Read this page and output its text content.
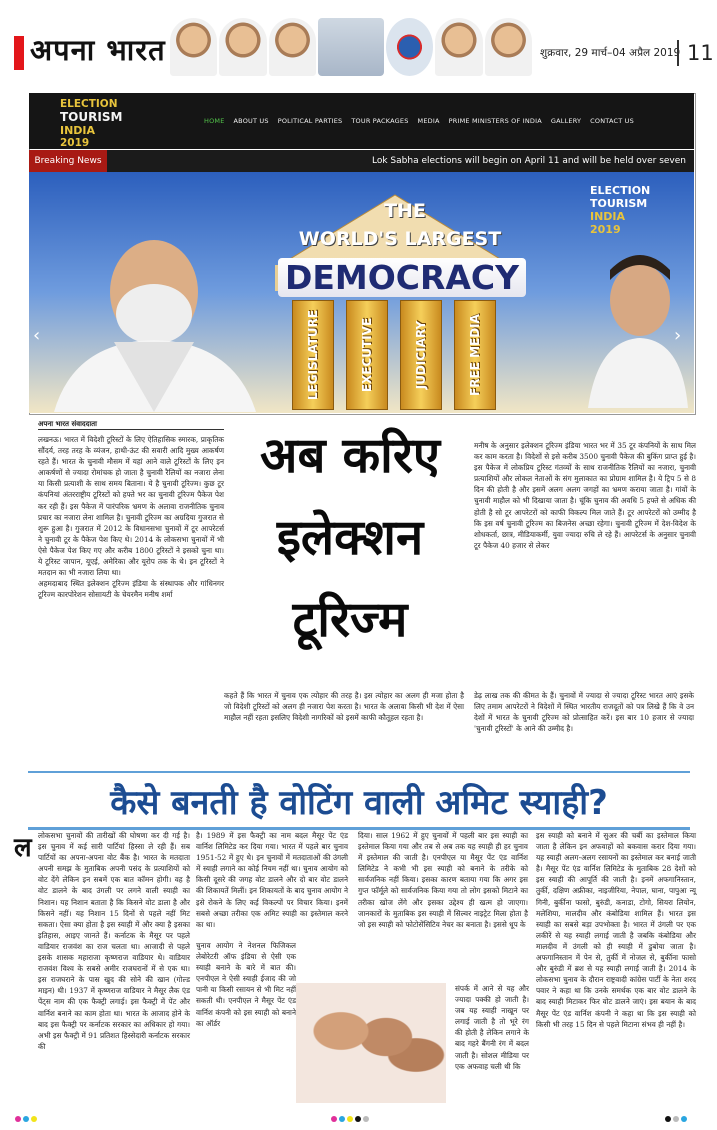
अपना भारत	शुक्रवार, 29 मार्च–04 अप्रैल 2019 11
ELECTION
TOURISM
INDIA
2019
HOME ABOUT US POLITICAL PARTIES TOUR PACKAGES MEDIA PRIME MINISTERS OF INDIA GALLERY CONTACT US
Breaking News	Lok Sabha elections will begin on April 11 and will be held over seven
THE
WORLD'S LARGEST
DEMOCRACY
LEGISLATURE	EXECUTIVE	JUDICIARY	FREE MEDIA
ELECTION
TOURISM
INDIA
2019
‹	›
अपना भारत संवाददाता
अब करिए
इलेक्शन
टूरिज्म

लखनऊ। भारत में विदेशी टूरिस्टों के लिए ऐतिहासिक स्मारक, प्राकृतिक सौंदर्य, तरह तरह के व्यंजन, हाथी-ऊंट की सवारी आदि मुख्य आकर्षण रहते हैं। भारत के चुनावी मौसम में यहां आने वाले टूरिस्टों के लिए इन आकर्षणों से ज्यादा रोमांचक हो जाता है चुनावी रैलियों का नजारा लेना या किसी प्रत्याशी के साथ समय बिताना। ये है चुनावी टूरिज्म। कुछ टूर कंपनियां अंतरराष्ट्रीय टूरिस्टों को हफ्ते भर का चुनावी टूरिज्म पैकेज पेश कर रही हैं। इस पैकेज में पारंपरिक भ्रमण के अलावा राजनीतिक चुनाव प्रचार का नजारा लेना शामिल है। चुनावी टूरिज्म का अग्रदिया गुजरात से शुरू हुआ है। गुजरात में 2012 के विधानसभा चुनावों में टूर आपरेटर्स ने चुनावी टूर के पैकेज पेश किए थे। 2014 के लोकसभा चुनावों में भी ऐसे पैकेज पेश किए गए और करीब 1800 टूरिस्टों ने इसको चुना था। ये टूरिस्ट जापान, यूएई, अमेरिका और यूरोप तक के थे। इन टूरिस्टों ने मतदान का भी नजारा लिया था।

अहमदाबाद स्थित इलेक्शन टूरिज्म इंडिया के संस्थापक और गांधिनगर टूरिज्म कारपोरेशन सोसायटी के चेयरमैन मनीष शर्मा

मनीष के अनुसार इलेक्शन टूरिज्म इंडिया भारत भर में 35 टूर कंपनियों के साथ मिल कर काम करता है। विदेशों से इसे करीब 3500 चुनावी पैकेज की बुकिंग प्राप्त हुई है। इस पैकेज में लोकप्रिय टूरिस्ट गंतव्यों के साथ राजनीतिक रैलियों का नजारा, चुनावी प्रत्याशियों और लोकल नेताओं के संग मुलाकात का प्रोग्राम शामिल है। ये ट्रिप 5 से 8 दिन की होती है और इसमें अलग अलग जगहों का भ्रमण कराया जाता है। गांवों के चुनावी माहौल को भी दिखाया जाता है। चूंकि चुनाव की अवधि 5 हफ्ते से अधिक की होती है सो टूर आपरेटरों को काफी विकल्प मिल जाते हैं। टूर आपरेटरों को उम्मीद है कि इस वर्ष चुनावी टूरिज्म का बिजनेस अच्छा रहेगा। चुनावी टूरिज्म में देश-विदेश के शोधकर्ता, छात्र, मीडियाकर्मी, युवा ज्यादा रुचि ले रहे हैं। आपरेटर्स के अनुसार चुनावी टूर पैकेज 40 हजार से लेकर
कहते हैं कि भारत में चुनाव एक त्योहार की तरह है। इस त्योहार का अलग ही मजा होता है जो विदेशी टूरिस्टों को अलग ही नजारा पेश करता है। भारत के अलावा किसी भी देश में ऐसा माहौल नहीं रहता इसलिए विदेशी नागरिकों को इसमें काफी कौतूहल रहता है।
डेढ़ लाख तक की कीमत के हैं। चुनावों में ज्यादा से ज्यादा टूरिस्ट भारत आएं इसके लिए तमाम आपरेटरों ने विदेशों में स्थित भारतीय राजदूतों को पत्र लिखे हैं कि वे उन देशों में भारत के चुनावी टूरिज्म को प्रोत्साहित करें। इस बार 10 हजार से ज्यादा 'चुनावी टूरिस्टों' के आने की उम्मीद है।
कैसे बनती है वोटिंग वाली अमिट स्याही?
ल लोकसभा चुनावों की तारीखों की घोषणा कर दी गई है। इस चुनाव में कई सारी पार्टियां हिस्सा ले रही हैं। सब पार्टियों का अपना-अपना वोट बैंक है। भारत के मतदाता अपनी समझ के मुताबिक अपनी पसंद के प्रत्याशियों को वोट देंगे लेकिन इन सबमें एक बात कॉमन होगी। वह है वोट डालने के बाद उंगली पर लगने वाली स्याही का निशान। यह निशान बताता है कि किसने वोट डाला है और किसने नहीं। यह निशान 15 दिनों से पहले नहीं मिट सकता। ऐसा क्या होता है इस स्याही में और क्या है इसका इतिहास, आइए जानते हैं। कर्नाटक के मैसूर पर पहले वाडियार राजवंश का राज चलता था। आजादी से पहले इसके शासक महाराजा कृष्णराज वाडियार थे। वाडियार राजवंश विश्व के सबसे अमीर राजघरानों में से एक था। इस राजघराने के पास खुद की सोने की खान (गोल्ड माइन) थी। 1937 में कृष्णराज वाडियार ने मैसूर लैक एंड पेंट्स नाम की एक फैक्ट्री लगाई। इस फैक्ट्री में पेंट और वार्निश बनाने का काम होता था। भारत के आजाद होने के बाद इस फैक्ट्री पर कर्नाटक सरकार का अधिकार हो गया। अभी इस फैक्ट्री में 91 प्रतिशत हिस्सेदारी कर्नाटक सरकार की
है। 1989 में इस फैक्ट्री का नाम बदल मैसूर पेंट एंड वार्निश लिमिटेड कर दिया गया। भारत में पहले बार चुनाव 1951-52 में हुए थे। इन चुनावों में मतदाताओं की उंगली में स्याही लगाने का कोई नियम नहीं था। चुनाव आयोग को किसी दूसरे की जगह वोट डालने और दो बार वोट डालने की शिकायतें मिलीं। इन शिकायतों के बाद चुनाव आयोग ने इसे रोकने के लिए कई विकल्पों पर विचार किया। इनमें सबसे अच्छा तरीका एक अमिट स्याही का इस्तेमाल करने का था।
चुनाव आयोग ने नेशनल फिजिकल लेबोरेटरी ऑफ इंडिया से ऐसी एक स्याही बनाने के बारे में बात की। एनपीएल ने ऐसी स्याही ईजाद की जो पानी या किसी रसायन से भी मिट नहीं सकती थी। एनपीएल ने मैसूर पेंट एंड वार्निश कंपनी को इस स्याही को बनाने का ऑर्डर
दिया। साल 1962 में हुए चुनावों में पहली बार इस स्याही का इस्तेमाल किया गया और तब से अब तक यह स्याही ही हर चुनाव में इस्तेमाल की जाती है। एनपीएल या मैसूर पेंट एंड वार्निश लिमिटेड ने कभी भी इस स्याही को बनाने के तरीके को सार्वजनिक नहीं किया। इसका कारण बताया गया कि अगर इस गुप्त फॉर्मूले को सार्वजनिक किया गया तो लोग इसको मिटाने का तरीका खोज लेंगे और इसका उद्देश्य ही खत्म हो जाएगा। जानकारों के मुताबिक इस स्याही में सिल्वर नाइट्रेट मिला होता है जो इस स्याही को फोटोसेंसिटिव नेचर का बनाता है। इससे धूप के
संपर्क में आने से यह और ज्यादा पक्की हो जाती है। जब यह स्याही नाखून पर लगाई जाती है तो भूरे रंग की होती है लेकिन लगाने के बाद गहरे बैंगनी रंग में बदल जाती है। सोशल मीडिया पर एक अफवाह चली थी कि
इस स्याही को बनाने में सुअर की चर्बी का इस्तेमाल किया जाता है लेकिन इन अफवाहों को बकवास करार दिया गया। यह स्याही अलग-अलग रसायनों का इस्तेमाल कर बनाई जाती है। मैसूर पेंट एंड वार्निश लिमिटेड के मुताबिक 28 देशों को इस स्याही की आपूर्ति की जाती है। इनमें अफगानिस्तान, तुर्की, दक्षिण अफ्रीका, नाइजीरिया, नेपाल, घाना, पापुआ न्यू गिनी, बुर्कीना फासो, बुरुंडी, कनाडा, टोगो, सियरा लियोन, मलेशिया, मालदीव और कंबोडिया शामिल हैं। भारत इस स्याही का सबसे बड़ा उपभोक्ता है। भारत में उंगली पर एक लकीरें से यह स्याही लगाई जाती है जबकि कंबोडिया और मालदीव में उंगली को ही स्याही में डुबोया जाता है। अफगानिस्तान में पेन से, तुर्की में नोजल से, बुर्कीना फासो और बुरुंडी में ब्रश से यह स्याही लगाई जाती है। 2014 के लोकसभा चुनाव के दौरान राष्ट्रवादी कांग्रेस पार्टी के नेता शरद पवार ने कहा था कि उनके समर्थक एक बार वोट डालने के बाद स्याही मिटाकर फिर वोट डालने जाएं। इस बयान के बाद मैसूर पेंट एंड वार्निश कंपनी ने कहा था कि इस स्याही को किसी भी तरह 15 दिन से पहले मिटाना संभव ही नहीं है।
